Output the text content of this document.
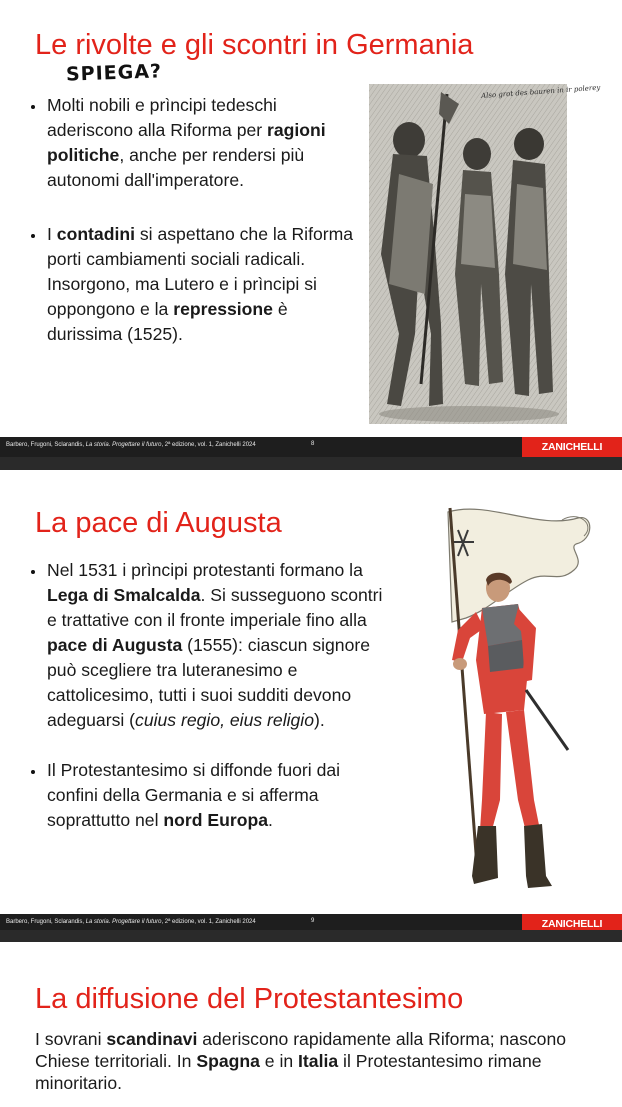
Le rivolte e gli scontri in Germania
SPIEGA?
Molti nobili e prìncipi tedeschi aderiscono alla Riforma per ragioni politiche, anche per rendersi più autonomi dall'imperatore.
I contadini si aspettano che la Riforma porti cambiamenti sociali radicali. Insorgono, ma Lutero e i prìncipi si oppongono e la repressione è durissima (1525).
Also grot des bauren in ir polerey
Barbero, Frugoni, Sclarandis, La storia. Progettare il futuro, 2ª edizione, vol. 1, Zanichelli 2024	8	ZANICHELLI
La pace di Augusta
Nel 1531 i prìncipi protestanti formano la Lega di Smalcalda. Si susseguono scontri e trattative con il fronte imperiale fino alla pace di Augusta (1555): ciascun signore può scegliere tra luteranesimo e cattolicesimo, tutti i suoi sudditi devono adeguarsi (cuius regio, eius religio).
Il Protestantesimo si diffonde fuori dai confini della Germania e si afferma soprattutto nel nord Europa.
Barbero, Frugoni, Sclarandis, La storia. Progettare il futuro, 2ª edizione, vol. 1, Zanichelli 2024	9	ZANICHELLI
La diffusione del Protestantesimo
I sovrani scandinavi aderiscono rapidamente alla Riforma; nascono Chiese territoriali. In Spagna e in Italia il Protestantesimo rimane minoritario.
